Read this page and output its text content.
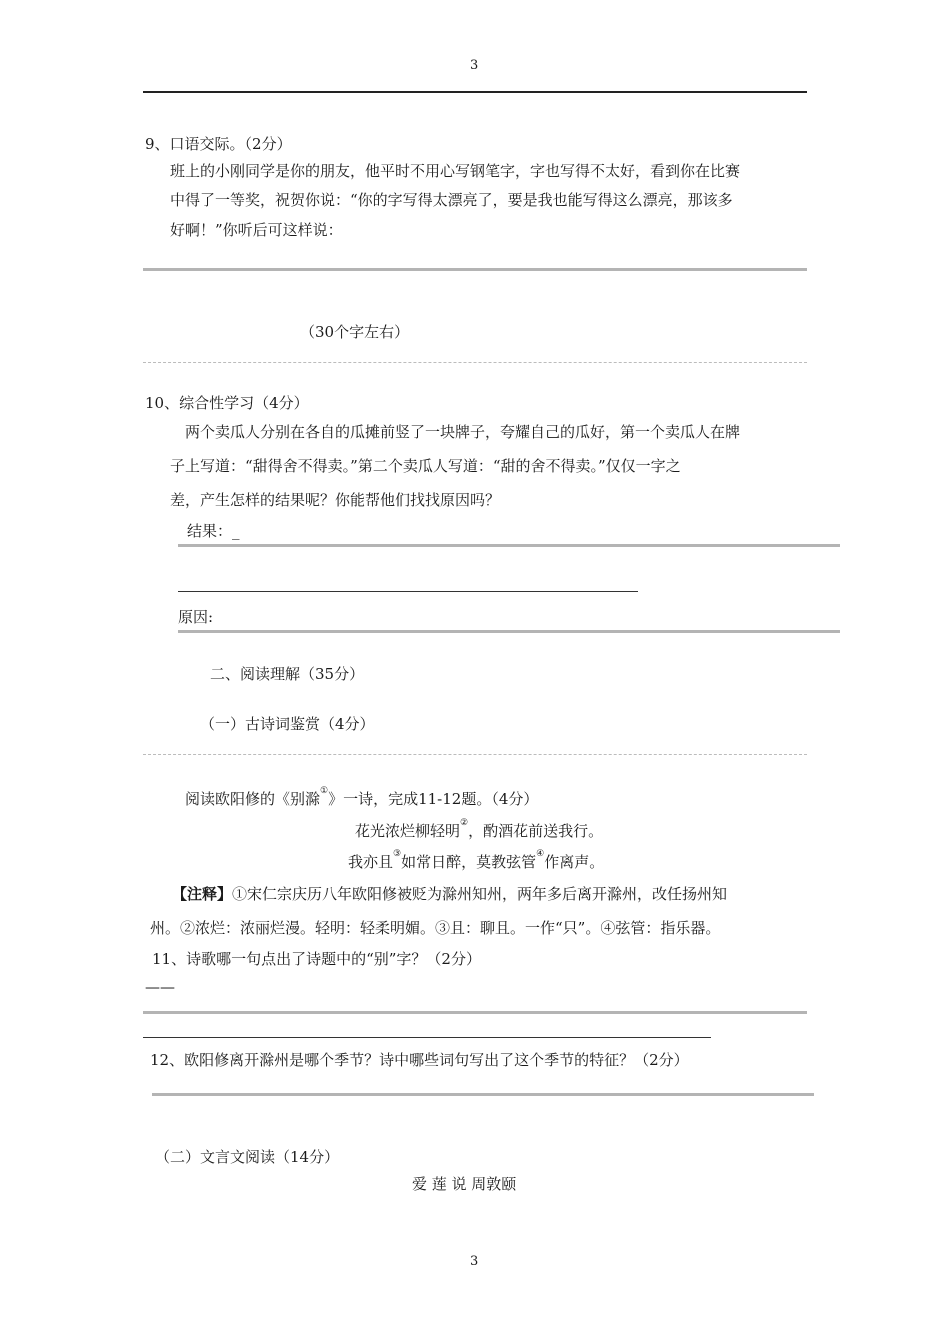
3
9、口语交际。（2分）
班上的小刚同学是你的朋友，他平时不用心写钢笔字，字也写得不太好，看到你在比赛
中得了一等奖，祝贺你说：“你的字写得太漂亮了，要是我也能写得这么漂亮，那该多
好啊！”你听后可这样说：
（30个字左右）
10、综合性学习（4分）
两个卖瓜人分别在各自的瓜摊前竖了一块牌子，夸耀自己的瓜好，第一个卖瓜人在牌
子上写道：“甜得舍不得卖。”第二个卖瓜人写道：“甜的舍不得卖。”仅仅一字之
差，产生怎样的结果呢？你能帮他们找找原因吗？
结果：_
原因:
二、阅读理解（35分）
（一）古诗词鉴赏（4分）
阅读欧阳修的《别滁①》一诗，完成11-12题。（4分）
花光浓烂柳轻明②，酌酒花前送我行。
我亦且③如常日醉，莫教弦管④作离声。
【注释】①宋仁宗庆历八年欧阳修被贬为滁州知州，两年多后离开滁州，改任扬州知
州。②浓烂：浓丽烂漫。轻明：轻柔明媚。③且：聊且。一作“只”。④弦管：指乐器。
11、诗歌哪一句点出了诗题中的“别”字？（2分）
——
12、欧阳修离开滁州是哪个季节？诗中哪些词句写出了这个季节的特征？（2分）
（二）文言文阅读（14分）
爱 莲 说 周敦颐
3
